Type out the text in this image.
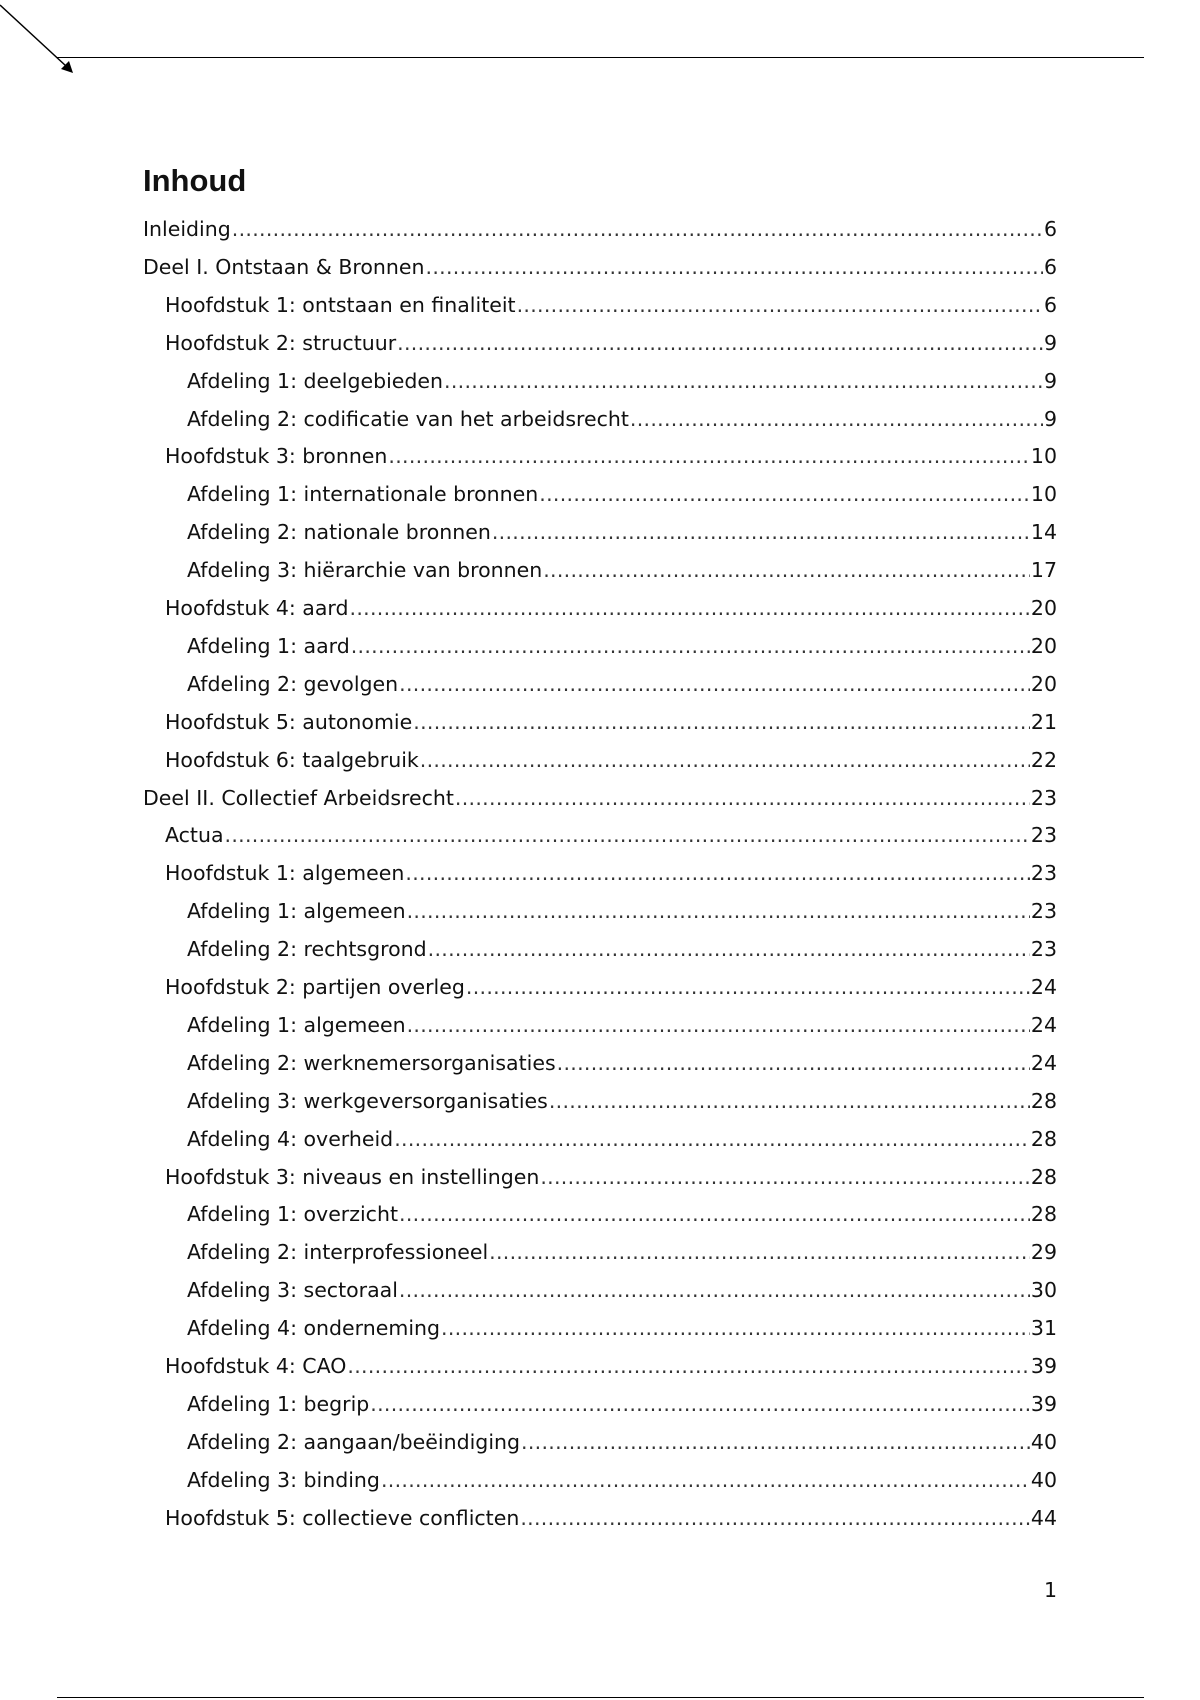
Inhoud
Inleiding .....	6
Deel I. Ontstaan & Bronnen .....	6
Hoofdstuk 1: ontstaan en finaliteit .....	6
Hoofdstuk 2: structuur .....	9
Afdeling 1: deelgebieden .....	9
Afdeling 2: codificatie van het arbeidsrecht .....	9
Hoofdstuk 3: bronnen .....	10
Afdeling 1: internationale bronnen .....	10
Afdeling 2: nationale bronnen .....	14
Afdeling 3: hiërarchie van bronnen .....	17
Hoofdstuk 4: aard .....	20
Afdeling 1: aard .....	20
Afdeling 2: gevolgen .....	20
Hoofdstuk 5: autonomie .....	21
Hoofdstuk 6: taalgebruik .....	22
Deel II. Collectief Arbeidsrecht .....	23
Actua .....	23
Hoofdstuk 1: algemeen .....	23
Afdeling 1: algemeen .....	23
Afdeling 2: rechtsgrond .....	23
Hoofdstuk 2: partijen overleg .....	24
Afdeling 1: algemeen .....	24
Afdeling 2: werknemersorganisaties .....	24
Afdeling 3: werkgeversorganisaties .....	28
Afdeling 4: overheid .....	28
Hoofdstuk 3: niveaus en instellingen .....	28
Afdeling 1: overzicht .....	28
Afdeling 2: interprofessioneel .....	29
Afdeling 3: sectoraal .....	30
Afdeling 4: onderneming .....	31
Hoofdstuk 4: CAO .....	39
Afdeling 1: begrip .....	39
Afdeling 2: aangaan/beëindiging .....	40
Afdeling 3: binding .....	40
Hoofdstuk 5: collectieve conflicten .....	44
1
